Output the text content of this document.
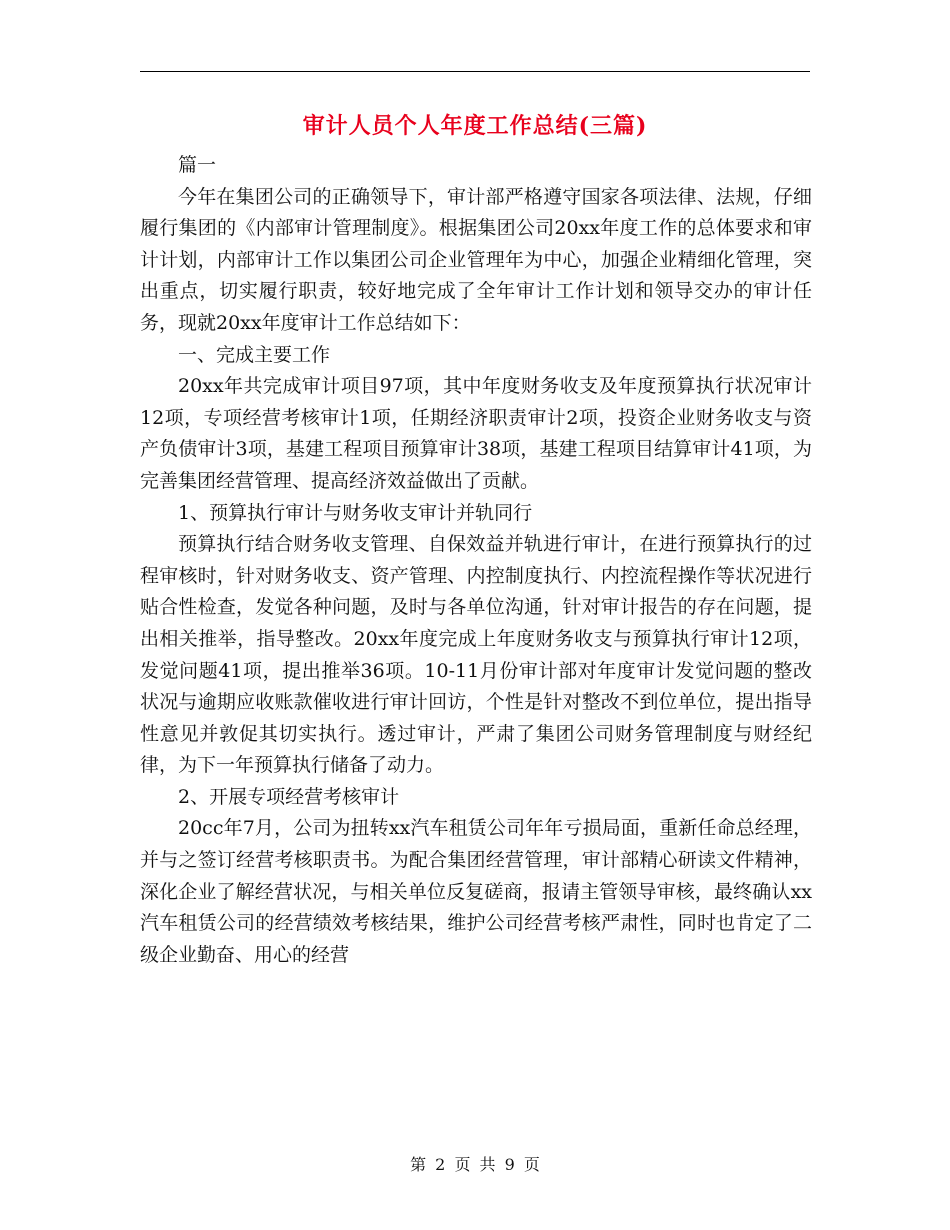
审计人员个人年度工作总结(三篇)

篇一

今年在集团公司的正确领导下，审计部严格遵守国家各项法律、法规，仔细履行集团的《内部审计管理制度》。根据集团公司20xx年度工作的总体要求和审计计划，内部审计工作以集团公司企业管理年为中心，加强企业精细化管理，突出重点，切实履行职责，较好地完成了全年审计工作计划和领导交办的审计任务，现就20xx年度审计工作总结如下：

一、完成主要工作

20xx年共完成审计项目97项，其中年度财务收支及年度预算执行状况审计12项，专项经营考核审计1项，任期经济职责审计2项，投资企业财务收支与资产负债审计3项，基建工程项目预算审计38项，基建工程项目结算审计41项，为完善集团经营管理、提高经济效益做出了贡献。

1、预算执行审计与财务收支审计并轨同行

预算执行结合财务收支管理、自保效益并轨进行审计，在进行预算执行的过程审核时，针对财务收支、资产管理、内控制度执行、内控流程操作等状况进行贴合性检查，发觉各种问题，及时与各单位沟通，针对审计报告的存在问题，提出相关推举，指导整改。20xx年度完成上年度财务收支与预算执行审计12项，发觉问题41项，提出推举36项。10-11月份审计部对年度审计发觉问题的整改状况与逾期应收账款催收进行审计回访，个性是针对整改不到位单位，提出指导性意见并敦促其切实执行。透过审计，严肃了集团公司财务管理制度与财经纪律，为下一年预算执行储备了动力。

2、开展专项经营考核审计

20cc年7月，公司为扭转xx汽车租赁公司年年亏损局面，重新任命总经理，并与之签订经营考核职责书。为配合集团经营管理，审计部精心研读文件精神，深化企业了解经营状况，与相关单位反复磋商，报请主管领导审核，最终确认xx汽车租赁公司的经营绩效考核结果，维护公司经营考核严肃性，同时也肯定了二级企业勤奋、用心的经营

第 2 页 共 9 页
